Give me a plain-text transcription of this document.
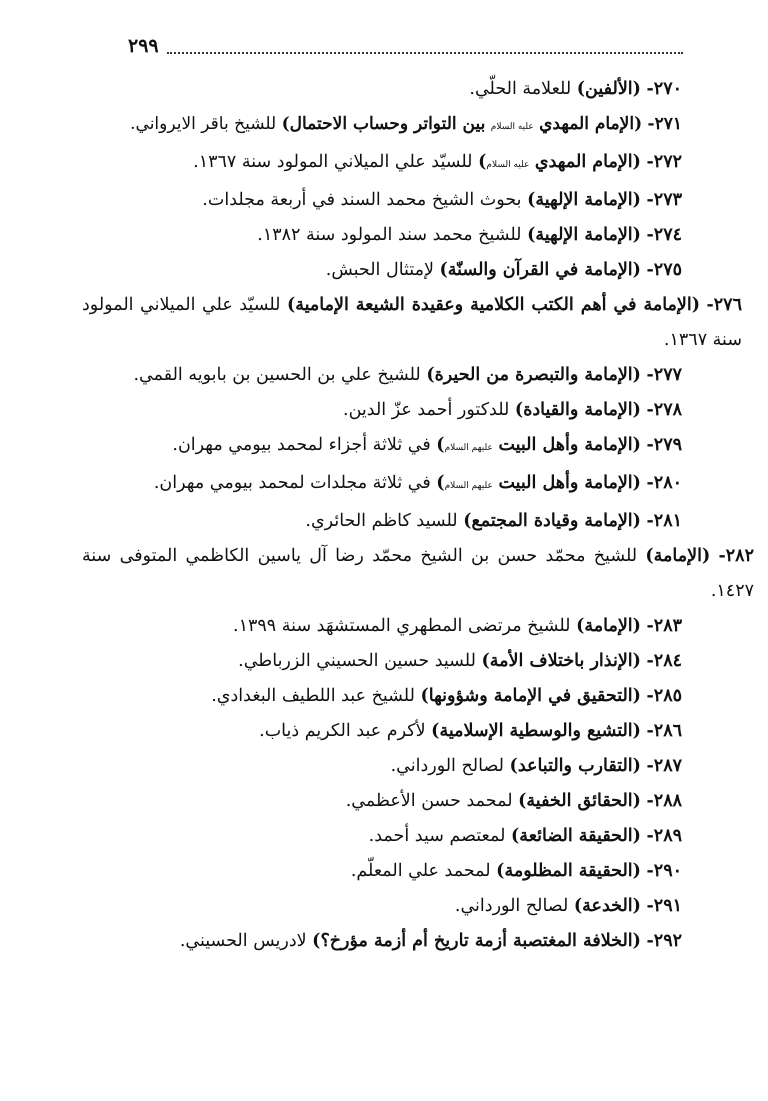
٢٩٩
٢٧٠- (الألفين) للعلامة الحلّي.
٢٧١- (الإمام المهدي عليه السلام بين التواتر وحساب الاحتمال) للشيخ باقر الايرواني.
٢٧٢- (الإمام المهدي عليه السلام) للسيّد علي الميلاني المولود سنة ١٣٦٧.
٢٧٣- (الإمامة الإلهية) بحوث الشيخ محمد السند في أربعة مجلدات.
٢٧٤- (الإمامة الإلهية) للشيخ محمد سند المولود سنة ١٣٨٢.
٢٧٥- (الإمامة في القرآن والسنّة) لإمتثال الحبش.
٢٧٦- (الإمامة في أهم الكتب الكلامية وعقيدة الشيعة الإمامية) للسيّد علي الميلاني المولود سنة ١٣٦٧.
٢٧٧- (الإمامة والتبصرة من الحيرة) للشيخ علي بن الحسين بن بابويه القمي.
٢٧٨- (الإمامة والقيادة) للدكتور أحمد عزّ الدين.
٢٧٩- (الإمامة وأهل البيت عليهم السلام) في ثلاثة أجزاء لمحمد بيومي مهران.
٢٨٠- (الإمامة وأهل البيت عليهم السلام) في ثلاثة مجلدات لمحمد بيومي مهران.
٢٨١- (الإمامة وقيادة المجتمع) للسيد كاظم الحائري.
٢٨٢- (الإمامة) للشيخ محمّد حسن بن الشيخ محمّد رضا آل ياسين الكاظمي المتوفى سنة ١٤٢٧.
٢٨٣- (الإمامة) للشيخ مرتضى المطهري المستشهَد سنة ١٣٩٩.
٢٨٤- (الإنذار باختلاف الأمة) للسيد حسين الحسيني الزرباطي.
٢٨٥- (التحقيق في الإمامة وشؤونها) للشيخ عبد اللطيف البغدادي.
٢٨٦- (التشيع والوسطية الإسلامية) لأكرم عبد الكريم ذياب.
٢٨٧- (التقارب والتباعد) لصالح الورداني.
٢٨٨- (الحقائق الخفية) لمحمد حسن الأعظمي.
٢٨٩- (الحقيقة الضائعة) لمعتصم سيد أحمد.
٢٩٠- (الحقيقة المظلومة) لمحمد علي المعلّم.
٢٩١- (الخدعة) لصالح الورداني.
٢٩٢- (الخلافة المغتصبة أزمة تاريخ أم أزمة مؤرخ؟) لادريس الحسيني.
